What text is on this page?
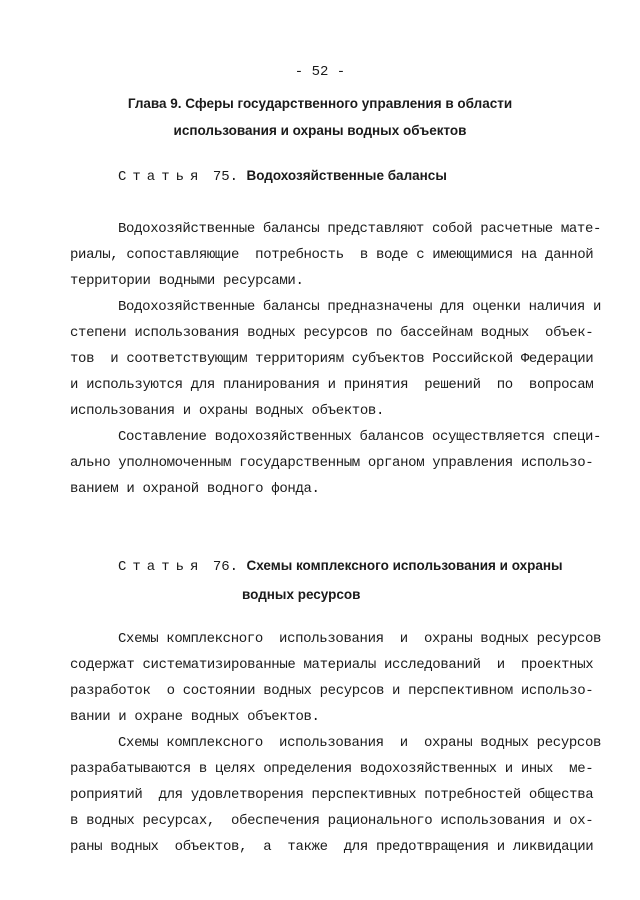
- 52 -
Глава 9. Сферы государственного управления в области
использования и охраны водных объектов
Статья 75. Водохозяйственные балансы
Водохозяйственные балансы представляют собой расчетные мате-
риалы, сопоставляющие  потребность  в воде с имеющимися на данной
территории водными ресурсами.
Водохозяйственные балансы предназначены для оценки наличия и
степени использования водных ресурсов по бассейнам водных  объек-
тов  и соответствующим территориям субъектов Российской Федерации
и используются для планирования и принятия  решений  по  вопросам
использования и охраны водных объектов.
Составление водохозяйственных балансов осуществляется специ-
ально уполномоченным государственным органом управления использо-
ванием и охраной водного фонда.
Статья 76. Схемы комплексного использования и охраны
водных ресурсов
Схемы комплексного  использования  и  охраны водных ресурсов
содержат систематизированные материалы исследований  и  проектных
разработок  о состоянии водных ресурсов и перспективном использо-
вании и охране водных объектов.
Схемы комплексного  использования  и  охраны водных ресурсов
разрабатываются в целях определения водохозяйственных и иных  ме-
роприятий  для удовлетворения перспективных потребностей общества
в водных ресурсах,  обеспечения рационального использования и ох-
раны водных  объектов,  а  также  для предотвращения и ликвидации
